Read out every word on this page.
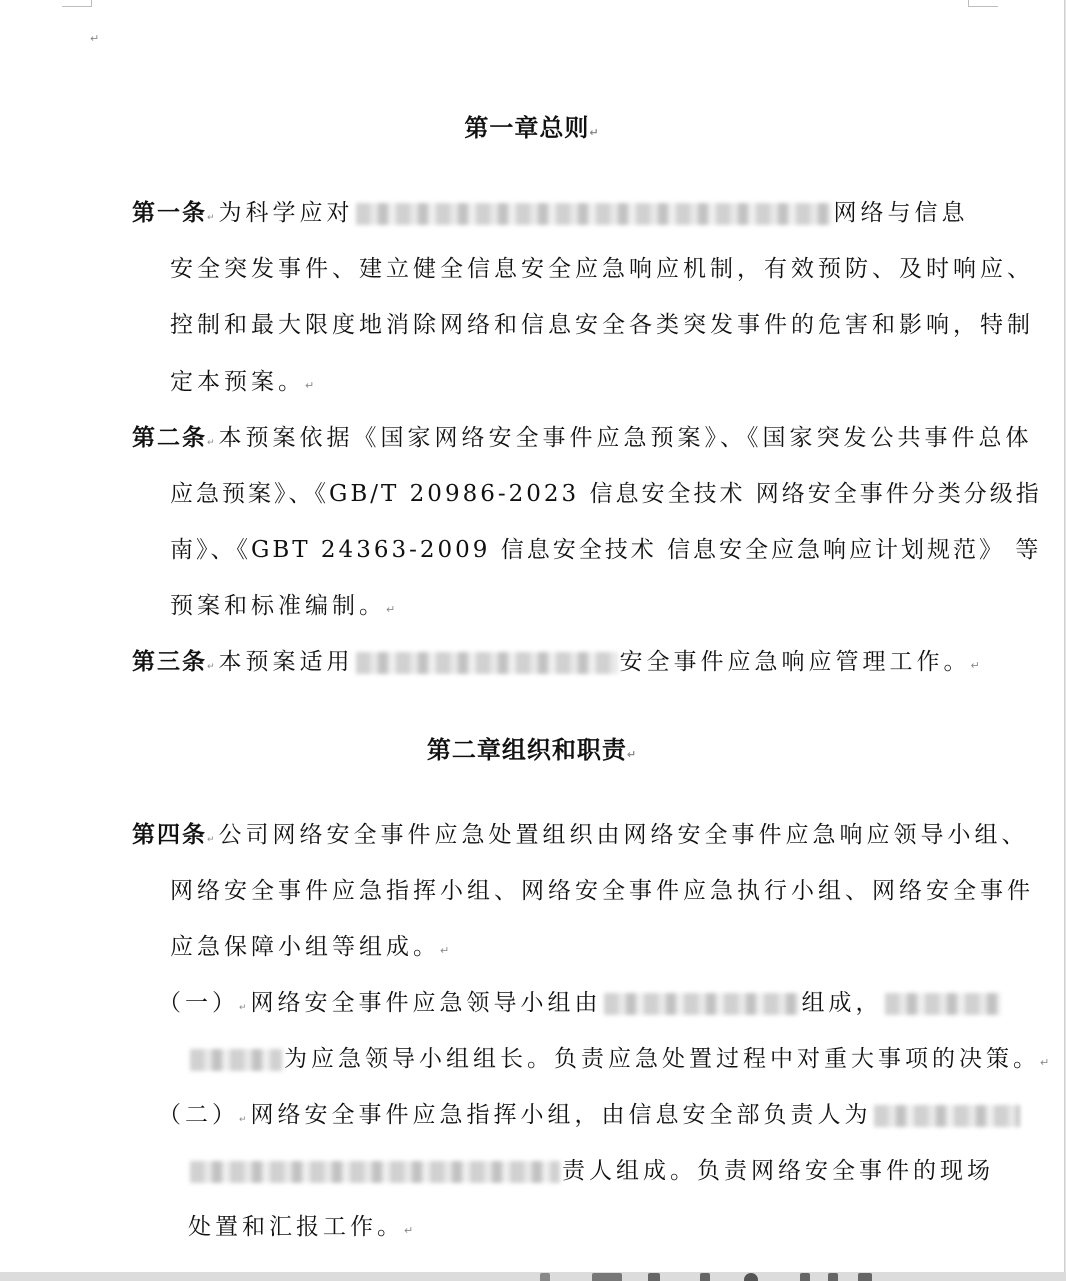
↵
第一章总则↵
第一条↵为科学应对	网络与信息
安全突发事件、建立健全信息安全应急响应机制，有效预防、及时响应、
控制和最大限度地消除网络和信息安全各类突发事件的危害和影响，特制
定本预案。↵
第二条↵本预案依据《国家网络安全事件应急预案》、《国家突发公共事件总体
应急预案》、《GB/T 20986-2023 信息安全技术 网络安全事件分类分级指
南》、《GBT 24363-2009 信息安全技术 信息安全应急响应计划规范》 等
预案和标准编制。↵
第三条↵本预案适用	安全事件应急响应管理工作。↵
第二章组织和职责↵
第四条↵公司网络安全事件应急处置组织由网络安全事件应急响应领导小组、
网络安全事件应急指挥小组、网络安全事件应急执行小组、网络安全事件
应急保障小组等组成。↵
（一）↵网络安全事件应急领导小组由	组成，
为应急领导小组组长。负责应急处置过程中对重大事项的决策。↵
（二）↵网络安全事件应急指挥小组，由信息安全部负责人为
责人组成。负责网络安全事件的现场
处置和汇报工作。↵
